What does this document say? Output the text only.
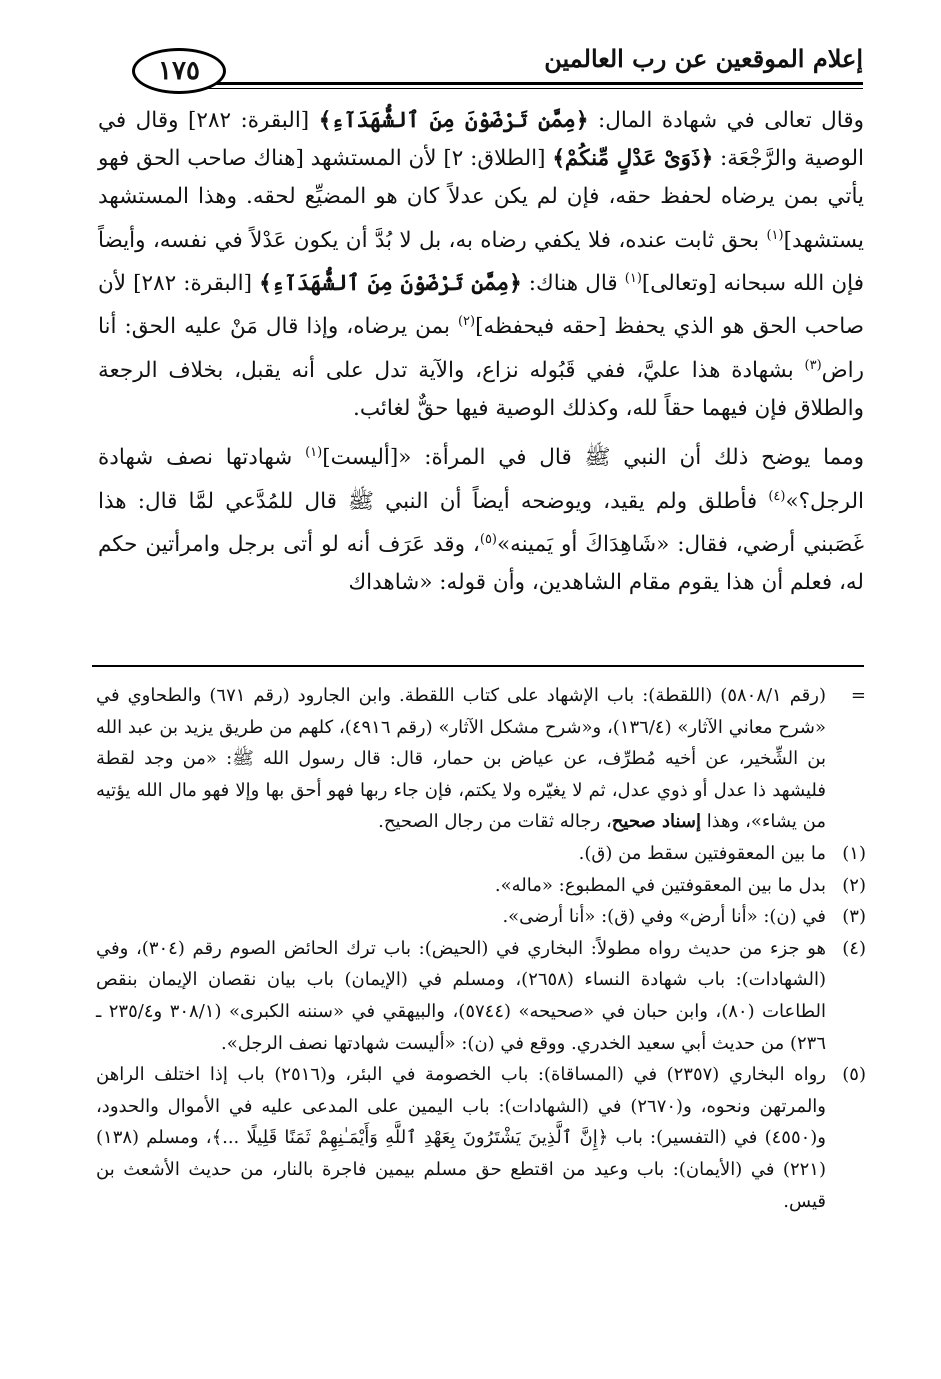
إعلام الموقعين عن رب العالمين
١٧٥

وقال تعالى في شهادة المال: ﴿مِمَّن تَرْضَوْنَ مِنَ ٱلشُّهَدَآءِ﴾ [البقرة: ٢٨٢] وقال في الوصية والرَّجْعَة: ﴿ذَوَىْ عَدْلٍ مِّنكُمْ﴾ [الطلاق: ٢] لأن المستشهد [هناك صاحب الحق فهو يأتي بمن يرضاه لحفظ حقه، فإن لم يكن عدلاً كان هو المضيِّع لحقه. وهذا المستشهد يستشهد]$^{(١)}$ بحق ثابت عنده، فلا يكفي رضاه به، بل لا بُدَّ أن يكون عَدْلاً في نفسه، وأيضاً فإن الله سبحانه [وتعالى]$^{(١)}$ قال هناك: ﴿مِمَّن تَرْضَوْنَ مِنَ ٱلشُّهَدَآءِ﴾ [البقرة: ٢٨٢] لأن صاحب الحق هو الذي يحفظ [حقه فيحفظه]$^{(٢)}$ بمن يرضاه، وإذا قال مَنْ عليه الحق: أنا راض$^{(٣)}$ بشهادة هذا عليَّ، ففي قَبُوله نزاع، والآية تدل على أنه يقبل، بخلاف الرجعة والطلاق فإن فيهما حقاً لله، وكذلك الوصية فيها حقٌّ لغائب.

ومما يوضح ذلك أن النبي ﷺ قال في المرأة: «[أليست]$^{(١)}$ شهادتها نصف شهادة الرجل؟»$^{(٤)}$ فأطلق ولم يقيد، ويوضحه أيضاً أن النبي ﷺ قال للمُدَّعي لمَّا قال: هذا غَصَبني أرضي، فقال: «شَاهِدَاكَ أو يَمينه»$^{(٥)}$، وقد عَرَف أنه لو أتى برجل وامرأتين حكم له، فعلم أن هذا يقوم مقام الشاهدين، وأن قوله: «شاهداك

=
(رقم ٥٨٠٨/١) (اللقطة): باب الإشهاد على كتاب اللقطة. وابن الجارود (رقم ٦٧١) والطحاوي في «شرح معاني الآثار» (١٣٦/٤)، و«شرح مشكل الآثار» (رقم ٤٩١٦)، كلهم من طريق يزيد بن عبد الله بن الشِّخير، عن أخيه مُطرِّف، عن عياض بن حمار، قال: قال رسول الله ﷺ: «من وجد لقطة فليشهد ذا عدل أو ذوي عدل، ثم لا يغيّره ولا يكتم، فإن جاء ربها فهو أحق بها وإلا فهو مال الله يؤتيه من يشاء»، وهذا إسناد صحيح، رجاله ثقات من رجال الصحيح.
(١)
ما بين المعقوفتين سقط من (ق).
(٢)
بدل ما بين المعقوفتين في المطبوع: «ماله».
(٣)
في (ن): «أنا أرض» وفي (ق): «أنا أرضى».
(٤)
هو جزء من حديث رواه مطولاً: البخاري في (الحيض): باب ترك الحائض الصوم رقم (٣٠٤)، وفي (الشهادات): باب شهادة النساء (٢٦٥٨)، ومسلم في (الإيمان) باب بيان نقصان الإيمان بنقص الطاعات (٨٠)، وابن حبان في «صحيحه» (٥٧٤٤)، والبيهقي في «سننه الكبرى» (٣٠٨/١ و٢٣٥/٤ ـ ٢٣٦) من حديث أبي سعيد الخدري. ووقع في (ن): «أليست شهادتها نصف الرجل».
(٥)
رواه البخاري (٢٣٥٧) في (المساقاة): باب الخصومة في البئر، و(٢٥١٦) باب إذا اختلف الراهن والمرتهن ونحوه، و(٢٦٧٠) في (الشهادات): باب اليمين على المدعى عليه في الأموال والحدود، و(٤٥٥٠) في (التفسير): باب ﴿إِنَّ ٱلَّذِينَ يَشْتَرُونَ بِعَهْدِ ٱللَّهِ وَأَيْمَـٰنِهِمْ ثَمَنًا قَلِيلًا ...﴾، ومسلم (١٣٨) (٢٢١) في (الأيمان): باب وعيد من اقتطع حق مسلم بيمين فاجرة بالنار، من حديث الأشعث بن قيس.
